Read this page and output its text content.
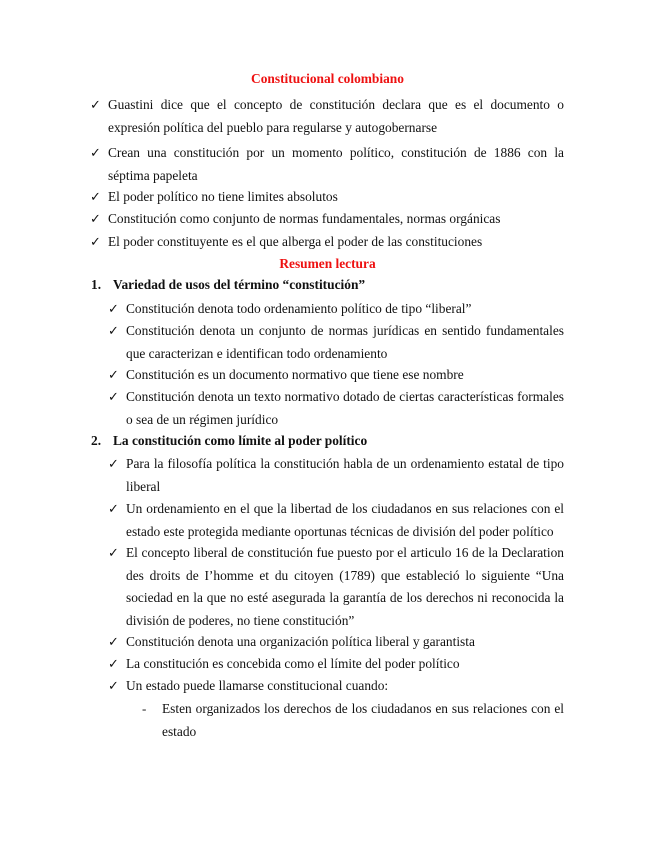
Constitucional colombiano
✓ Guastini dice que el concepto de constitución declara que es el documento o expresión política del pueblo para regularse y autogobernarse
✓ Crean una constitución por un momento político, constitución de 1886 con la séptima papeleta
✓ El poder político no tiene limites absolutos
✓ Constitución como conjunto de normas fundamentales, normas orgánicas
✓ El poder constituyente es el que alberga el poder de las constituciones
Resumen lectura
1. Variedad de usos del término “constitución”
✓ Constitución denota todo ordenamiento político de tipo “liberal”
✓ Constitución denota un conjunto de normas jurídicas en sentido fundamentales que caracterizan e identifican todo ordenamiento
✓ Constitución es un documento normativo que tiene ese nombre
✓ Constitución denota un texto normativo dotado de ciertas características formales o sea de un régimen jurídico
2. La constitución como límite al poder político
✓ Para la filosofía política la constitución habla de un ordenamiento estatal de tipo liberal
✓ Un ordenamiento en el que la libertad de los ciudadanos en sus relaciones con el estado este protegida mediante oportunas técnicas de división del poder político
✓ El concepto liberal de constitución fue puesto por el articulo 16 de la Declaration des droits de I’homme et du citoyen (1789) que estableció lo siguiente “Una sociedad en la que no esté asegurada la garantía de los derechos ni reconocida la división de poderes, no tiene constitución”
✓ Constitución denota una organización política liberal y garantista
✓ La constitución es concebida como el límite del poder político
✓ Un estado puede llamarse constitucional cuando:
- Esten organizados los derechos de los ciudadanos en sus relaciones con el estado
